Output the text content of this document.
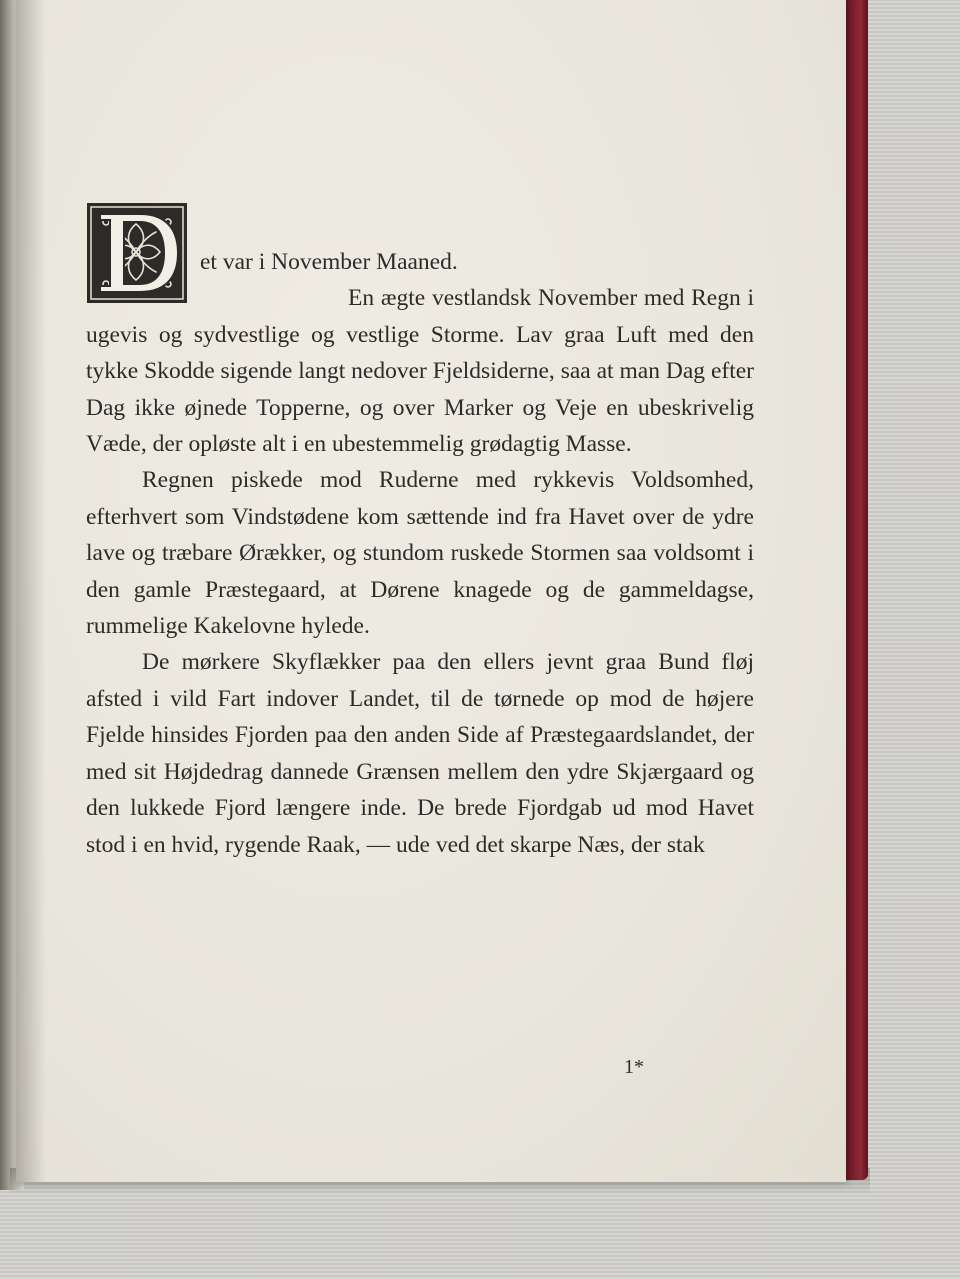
et var i November Maaned.
En ægte vestlandsk November med Regn i ugevis og sydvestlige og vestlige Storme. Lav graa Luft med den tykke Skodde sigende langt nedover Fjeldsiderne, saa at man Dag efter Dag ikke øjnede Topperne, og over Marker og Veje en ubeskrivelig Væde, der opløste alt i en ubestemmelig grødagtig Masse.

Regnen piskede mod Ruderne med rykkevis Voldsomhed, efterhvert som Vindstødene kom sættende ind fra Havet over de ydre lave og træbare Ørækker, og stundom ruskede Stormen saa voldsomt i den gamle Præstegaard, at Dørene knagede og de gammeldagse, rummelige Kakelovne hylede.

De mørkere Skyflækker paa den ellers jevnt graa Bund fløj afsted i vild Fart indover Landet, til de tørnede op mod de højere Fjelde hinsides Fjorden paa den anden Side af Præstegaardslandet, der med sit Højdedrag dannede Grænsen mellem den ydre Skjærgaard og den lukkede Fjord længere inde. De brede Fjordgab ud mod Havet stod i en hvid, rygende Raak, — ude ved det skarpe Næs, der stak

1*
